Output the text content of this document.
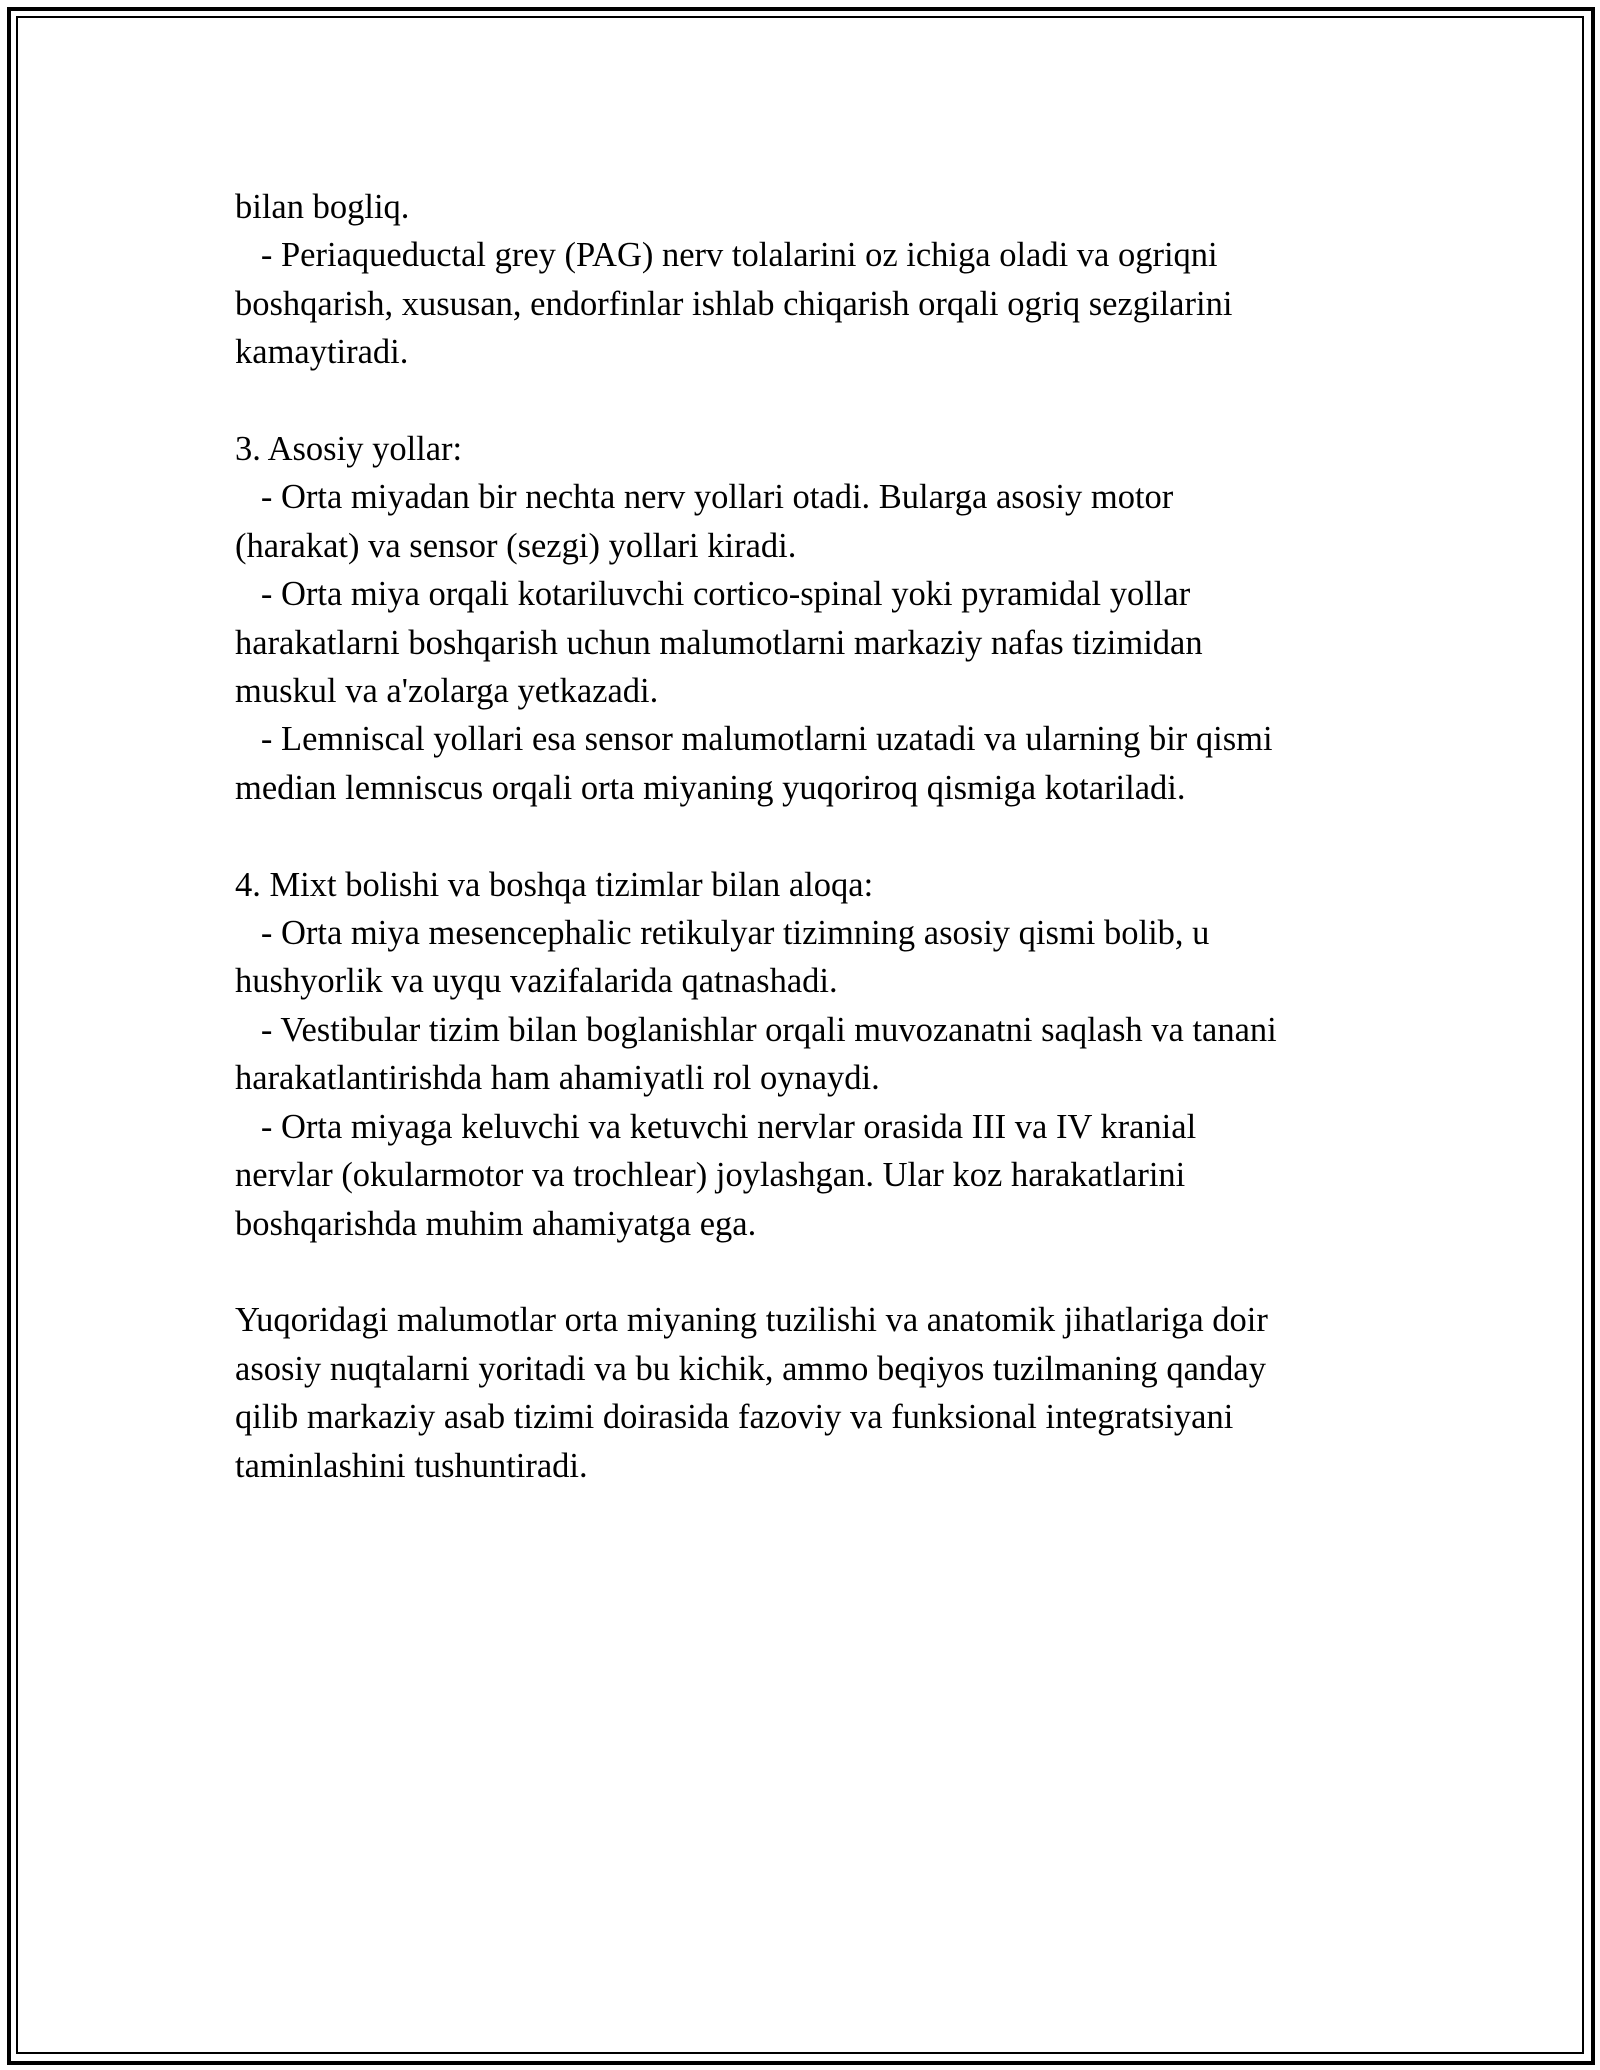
bilan bogliq.
- Periaqueductal grey (PAG) nerv tolalarini oz ichiga oladi va ogriqni
boshqarish, xususan, endorfinlar ishlab chiqarish orqali ogriq sezgilarini
kamaytiradi.
3. Asosiy yollar:
- Orta miyadan bir nechta nerv yollari otadi. Bularga asosiy motor
(harakat) va sensor (sezgi) yollari kiradi.
- Orta miya orqali kotariluvchi cortico-spinal yoki pyramidal yollar
harakatlarni boshqarish uchun malumotlarni markaziy nafas tizimidan
muskul va a'zolarga yetkazadi.
- Lemniscal yollari esa sensor malumotlarni uzatadi va ularning bir qismi
median lemniscus orqali orta miyaning yuqoriroq qismiga kotariladi.
4. Mixt bolishi va boshqa tizimlar bilan aloqa:
- Orta miya mesencephalic retikulyar tizimning asosiy qismi bolib, u
hushyorlik va uyqu vazifalarida qatnashadi.
- Vestibular tizim bilan boglanishlar orqali muvozanatni saqlash va tanani
harakatlantirishda ham ahamiyatli rol oynaydi.
- Orta miyaga keluvchi va ketuvchi nervlar orasida III va IV kranial
nervlar (okularmotor va trochlear) joylashgan. Ular koz harakatlarini
boshqarishda muhim ahamiyatga ega.
Yuqoridagi malumotlar orta miyaning tuzilishi va anatomik jihatlariga doir
asosiy nuqtalarni yoritadi va bu kichik, ammo beqiyos tuzilmaning qanday
qilib markaziy asab tizimi doirasida fazoviy va funksional integratsiyani
taminlashini tushuntiradi.
